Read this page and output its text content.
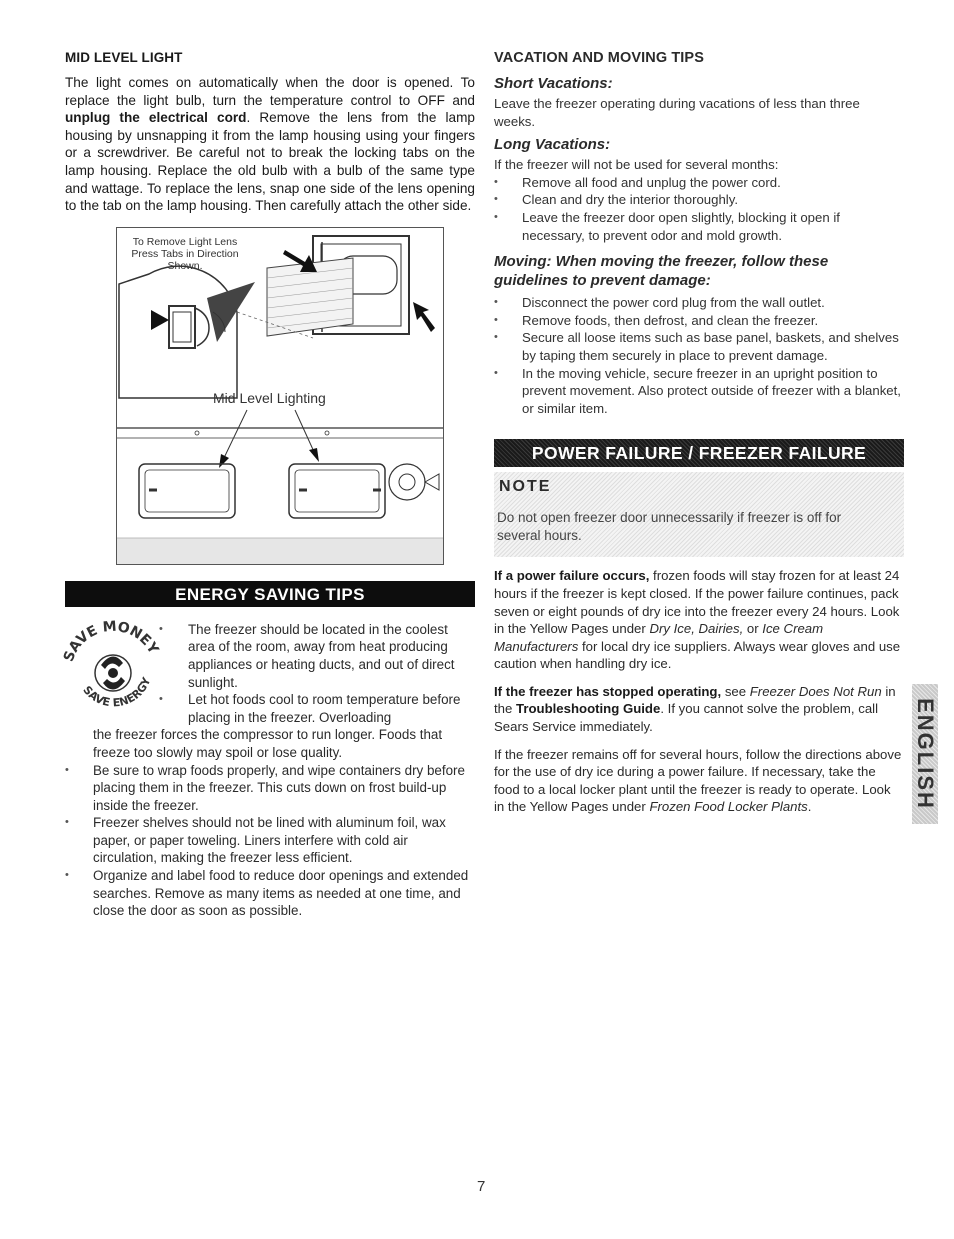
MID LEVEL LIGHT

The light comes on automatically when the door is opened. To replace the light bulb, turn the temperature control to OFF and unplug the electrical cord. Remove the lens from the lamp housing by unsnapping it from the lamp housing using your fingers or a screwdriver. Be careful not to break the locking tabs on the lamp housing. Replace the old bulb with a bulb of the same type and wattage. To replace the lens, snap one side of the lens opening to the tab on the lamp housing. Then carefully attach the other side.

To Remove Light Lens Press Tabs in Direction Shown.
Mid Level Lighting
ENERGY SAVING TIPS
SAVE MONEY
SAVE ENERGY
• The freezer should be located in the coolest area of the room, away from heat producing appliances or heating ducts, and out of direct sunlight.
• Let hot foods cool to room temperature before placing in the freezer. Overloading

the freezer forces the compressor to run longer. Foods that freeze too slowly may spoil or lose quality.

• Be sure to wrap foods properly, and wipe containers dry before placing them in the freezer. This cuts down on frost build-up inside the freezer.
• Freezer shelves should not be lined with aluminum foil, wax paper, or paper toweling. Liners interfere with cold air circulation, making the freezer less efficient.
• Organize and label food to reduce door openings and extended searches. Remove as many items as needed at one time, and close the door as soon as possible.
VACATION AND MOVING TIPS
Short Vacations:

Leave the freezer operating during vacations of less than three weeks.

Long Vacations:

If the freezer will not be used for several months:

• Remove all food and unplug the power cord.
• Clean and dry the interior thoroughly.
• Leave the freezer door open slightly, blocking it open if necessary, to prevent odor and mold growth.
Moving: When moving the freezer, follow these guidelines to prevent damage:
• Disconnect the power cord plug from the wall outlet.
• Remove foods, then defrost, and clean the freezer.
• Secure all loose items such as base panel, baskets, and shelves by taping them securely in place to prevent damage.
• In the moving vehicle, secure freezer in an upright position to prevent movement. Also protect outside of freezer with a blanket, or similar item.
POWER FAILURE / FREEZER FAILURE
NOTE
Do not open freezer door unnecessarily if freezer is off for several hours.

If a power failure occurs, frozen foods will stay frozen for at least 24 hours if the freezer is kept closed. If the power failure continues, pack seven or eight pounds of dry ice into the freezer every 24 hours. Look in the Yellow Pages under Dry Ice, Dairies, or Ice Cream Manufacturers for local dry ice suppliers. Always wear gloves and use caution when handling dry ice.

If the freezer has stopped operating, see Freezer Does Not Run in the Troubleshooting Guide. If you cannot solve the problem, call Sears Service immediately.

If the freezer remains off for several hours, follow the directions above for the use of dry ice during a power failure. If necessary, take the food to a local locker plant until the freezer is ready to operate. Look in the Yellow Pages under Frozen Food Locker Plants.	ENGLISH
7
